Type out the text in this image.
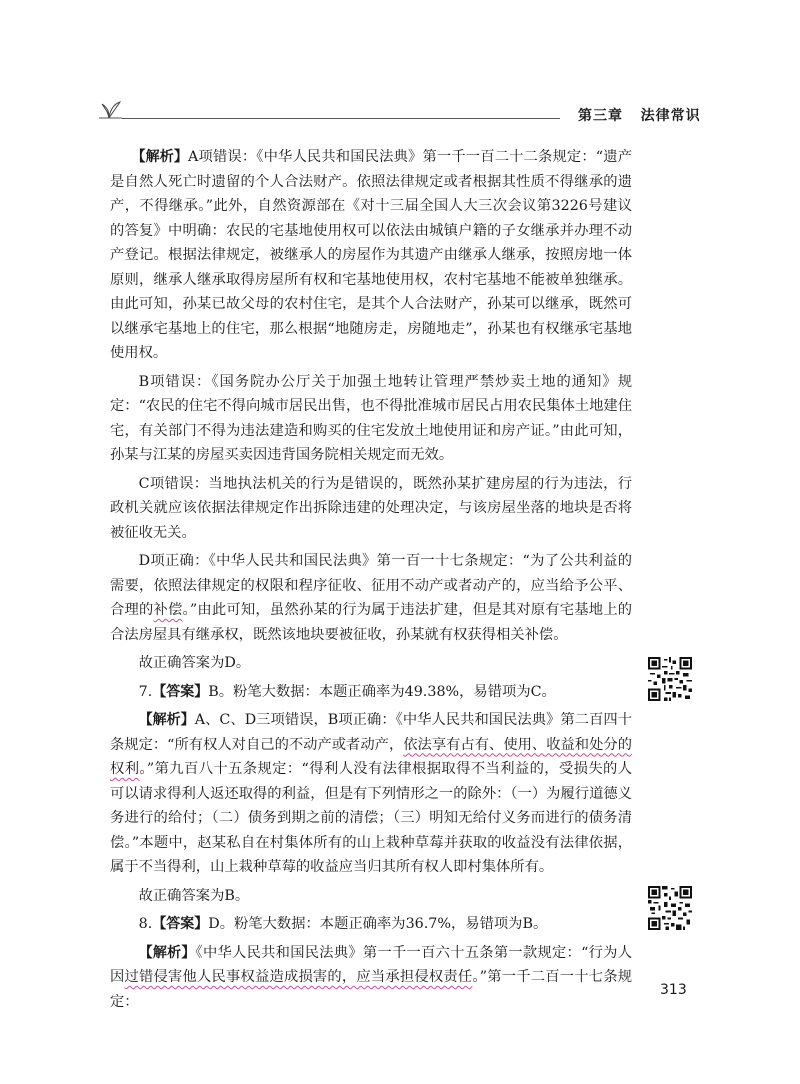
第三章 法律常识

【解析】A项错误：《中华人民共和国民法典》第一千一百二十二条规定：“遗产是自然人死亡时遗留的个人合法财产。依照法律规定或者根据其性质不得继承的遗产，不得继承。”此外，自然资源部在《对十三届全国人大三次会议第3226号建议的答复》中明确：农民的宅基地使用权可以依法由城镇户籍的子女继承并办理不动产登记。根据法律规定，被继承人的房屋作为其遗产由继承人继承，按照房地一体原则，继承人继承取得房屋所有权和宅基地使用权，农村宅基地不能被单独继承。由此可知，孙某已故父母的农村住宅，是其个人合法财产，孙某可以继承，既然可以继承宅基地上的住宅，那么根据“地随房走，房随地走”，孙某也有权继承宅基地使用权。

B项错误：《国务院办公厅关于加强土地转让管理严禁炒卖土地的通知》规定：“农民的住宅不得向城市居民出售，也不得批准城市居民占用农民集体土地建住宅，有关部门不得为违法建造和购买的住宅发放土地使用证和房产证。”由此可知，孙某与江某的房屋买卖因违背国务院相关规定而无效。

C项错误：当地执法机关的行为是错误的，既然孙某扩建房屋的行为违法，行政机关就应该依据法律规定作出拆除违建的处理决定，与该房屋坐落的地块是否将被征收无关。

D项正确：《中华人民共和国民法典》第一百一十七条规定：“为了公共利益的需要，依照法律规定的权限和程序征收、征用不动产或者动产的，应当给予公平、合理的补偿。”由此可知，虽然孙某的行为属于违法扩建，但是其对原有宅基地上的合法房屋具有继承权，既然该地块要被征收，孙某就有权获得相关补偿。

故正确答案为D。

7.【答案】B。粉笔大数据：本题正确率为49.38%，易错项为C。

【解析】A、C、D三项错误，B项正确：《中华人民共和国民法典》第二百四十条规定：“所有权人对自己的不动产或者动产，依法享有占有、使用、收益和处分的权利。”第九百八十五条规定：“得利人没有法律根据取得不当利益的，受损失的人可以请求得利人返还取得的利益，但是有下列情形之一的除外：（一）为履行道德义务进行的给付；（二）债务到期之前的清偿；（三）明知无给付义务而进行的债务清偿。”本题中，赵某私自在村集体所有的山上栽种草莓并获取的收益没有法律依据，属于不当得利，山上栽种草莓的收益应当归其所有权人即村集体所有。

故正确答案为B。

8.【答案】D。粉笔大数据：本题正确率为36.7%，易错项为B。

【解析】《中华人民共和国民法典》第一千一百六十五条第一款规定：“行为人因过错侵害他人民事权益造成损害的，应当承担侵权责任。”第一千二百一十七条规定：

313
